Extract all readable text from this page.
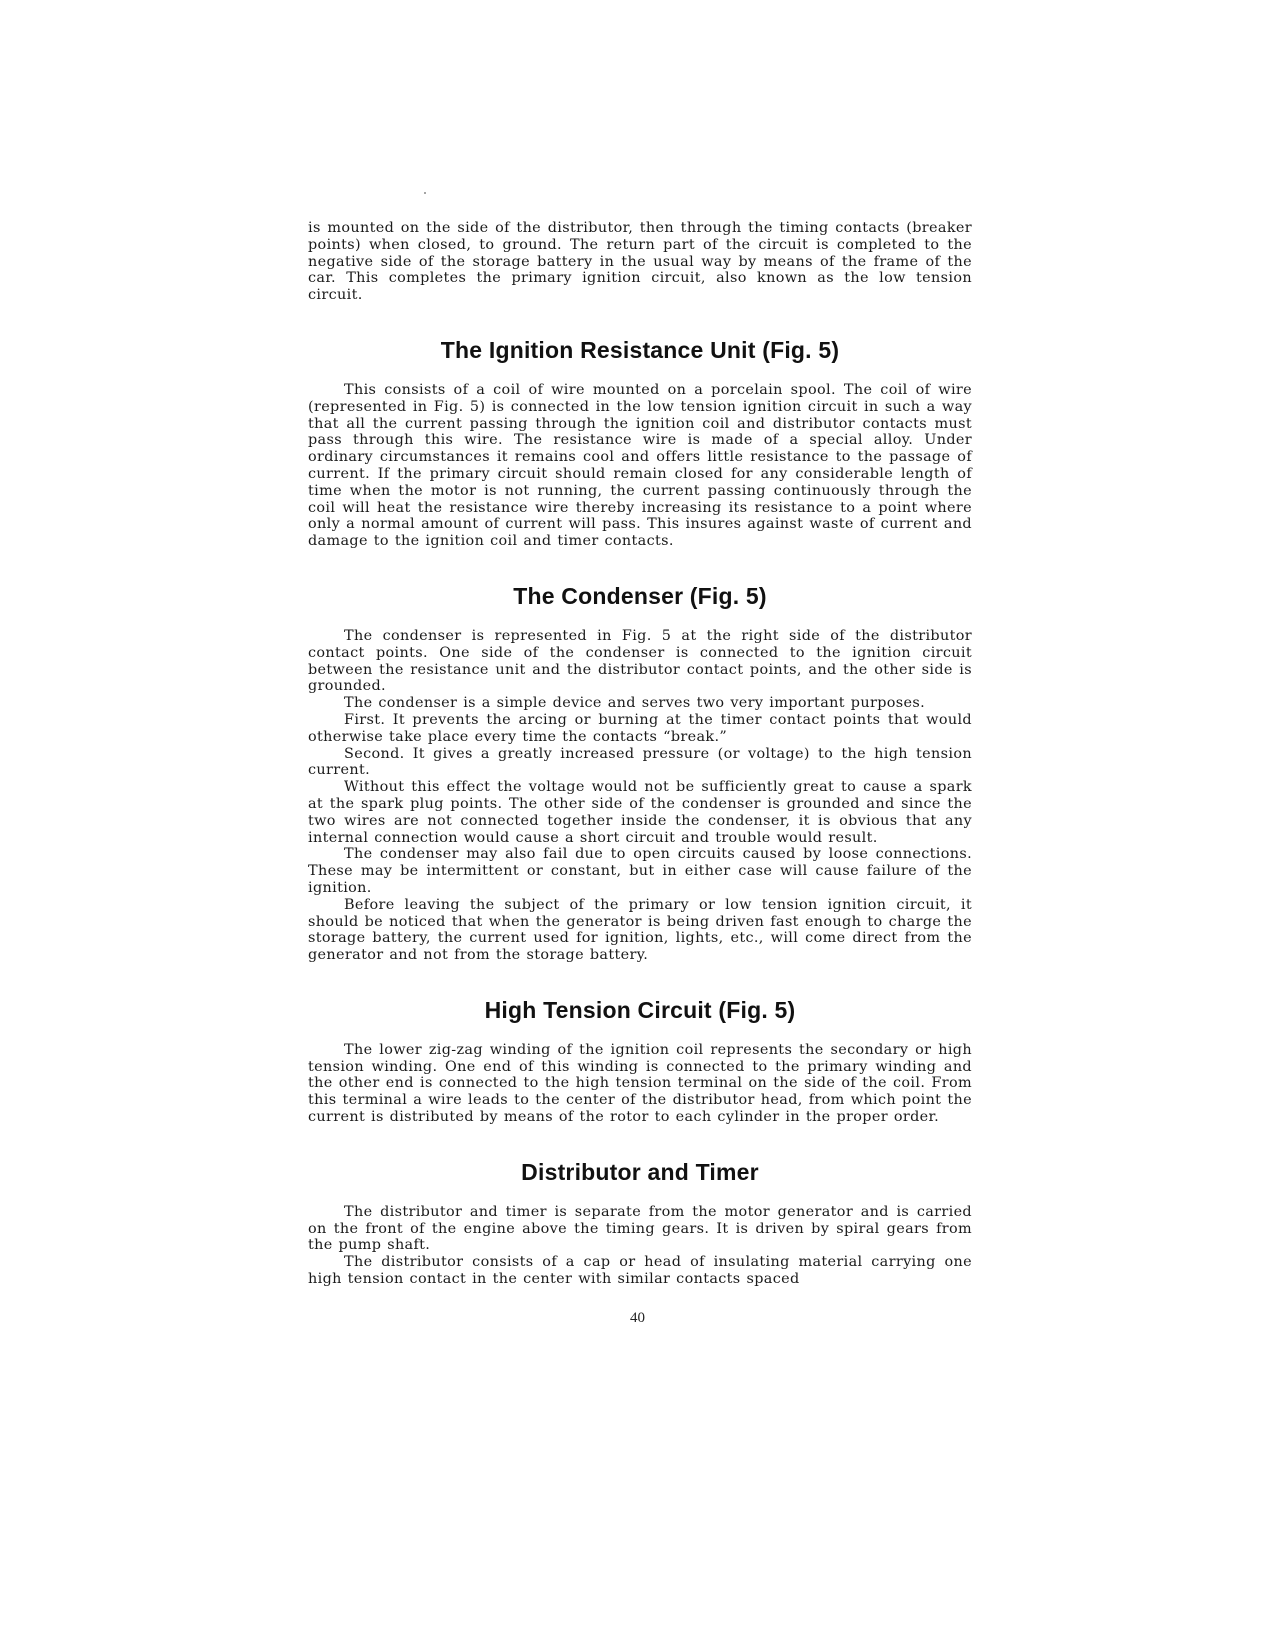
is mounted on the side of the distributor, then through the timing contacts (breaker points) when closed, to ground. The return part of the circuit is completed to the negative side of the storage battery in the usual way by means of the frame of the car. This completes the primary ignition circuit, also known as the low tension circuit.

The Ignition Resistance Unit (Fig. 5)

This consists of a coil of wire mounted on a porcelain spool. The coil of wire (represented in Fig. 5) is connected in the low tension ignition circuit in such a way that all the current passing through the ignition coil and distributor contacts must pass through this wire. The resistance wire is made of a special alloy. Under ordinary circumstances it remains cool and offers little resistance to the passage of current. If the primary circuit should remain closed for any considerable length of time when the motor is not running, the current passing continuously through the coil will heat the resistance wire thereby increasing its resistance to a point where only a normal amount of current will pass. This insures against waste of current and damage to the ignition coil and timer contacts.

The Condenser (Fig. 5)

The condenser is represented in Fig. 5 at the right side of the distributor contact points. One side of the condenser is connected to the ignition circuit between the resistance unit and the distributor contact points, and the other side is grounded.

The condenser is a simple device and serves two very important purposes.

First. It prevents the arcing or burning at the timer contact points that would otherwise take place every time the contacts “break.”

Second. It gives a greatly increased pressure (or voltage) to the high tension current.

Without this effect the voltage would not be sufficiently great to cause a spark at the spark plug points. The other side of the condenser is grounded and since the two wires are not connected together inside the condenser, it is obvious that any internal connection would cause a short circuit and trouble would result.

The condenser may also fail due to open circuits caused by loose connections. These may be intermittent or constant, but in either case will cause failure of the ignition.

Before leaving the subject of the primary or low tension ignition circuit, it should be noticed that when the generator is being driven fast enough to charge the storage battery, the current used for ignition, lights, etc., will come direct from the generator and not from the storage battery.

High Tension Circuit (Fig. 5)

The lower zig-zag winding of the ignition coil represents the secondary or high tension winding. One end of this winding is connected to the primary winding and the other end is connected to the high tension terminal on the side of the coil. From this terminal a wire leads to the center of the distributor head, from which point the current is distributed by means of the rotor to each cylinder in the proper order.

Distributor and Timer

The distributor and timer is separate from the motor generator and is carried on the front of the engine above the timing gears. It is driven by spiral gears from the pump shaft.

The distributor consists of a cap or head of insulating material carrying one high tension contact in the center with similar contacts spaced

40
